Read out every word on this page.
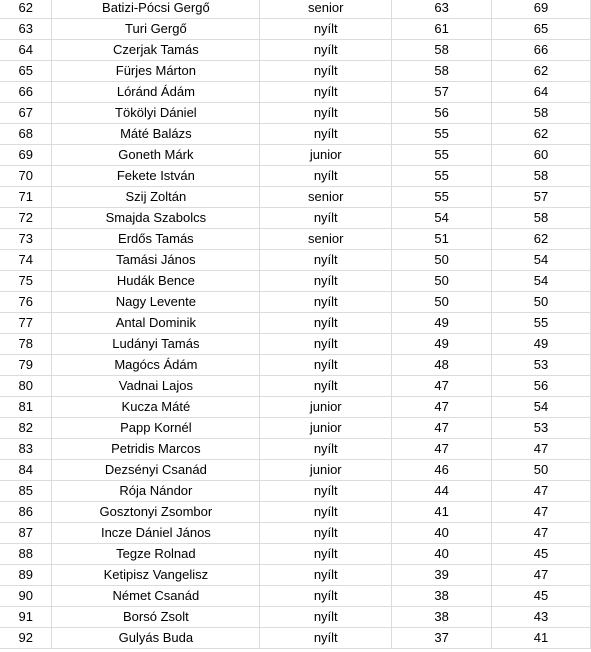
62	Batizi-Pócsi Gergő	senior	63	69
63	Turi Gergő	nyílt	61	65
64	Czerjak Tamás	nyílt	58	66
65	Fürjes Márton	nyílt	58	62
66	Lóránd Ádám	nyílt	57	64
67	Tökölyi Dániel	nyílt	56	58
68	Máté Balázs	nyílt	55	62
69	Goneth Márk	junior	55	60
70	Fekete István	nyílt	55	58
71	Szij Zoltán	senior	55	57
72	Smajda Szabolcs	nyílt	54	58
73	Erdős Tamás	senior	51	62
74	Tamási János	nyílt	50	54
75	Hudák Bence	nyílt	50	54
76	Nagy Levente	nyílt	50	50
77	Antal Dominik	nyílt	49	55
78	Ludányi Tamás	nyílt	49	49
79	Magócs Ádám	nyílt	48	53
80	Vadnai Lajos	nyílt	47	56
81	Kucza Máté	junior	47	54
82	Papp Kornél	junior	47	53
83	Petridis Marcos	nyílt	47	47
84	Dezsényi Csanád	junior	46	50
85	Rója Nándor	nyílt	44	47
86	Gosztonyi Zsombor	nyílt	41	47
87	Incze Dániel János	nyílt	40	47
88	Tegze Rolnad	nyílt	40	45
89	Ketipisz Vangelisz	nyílt	39	47
90	Német Csanád	nyílt	38	45
91	Borsó Zsolt	nyílt	38	43
92	Gulyás Buda	nyílt	37	41
